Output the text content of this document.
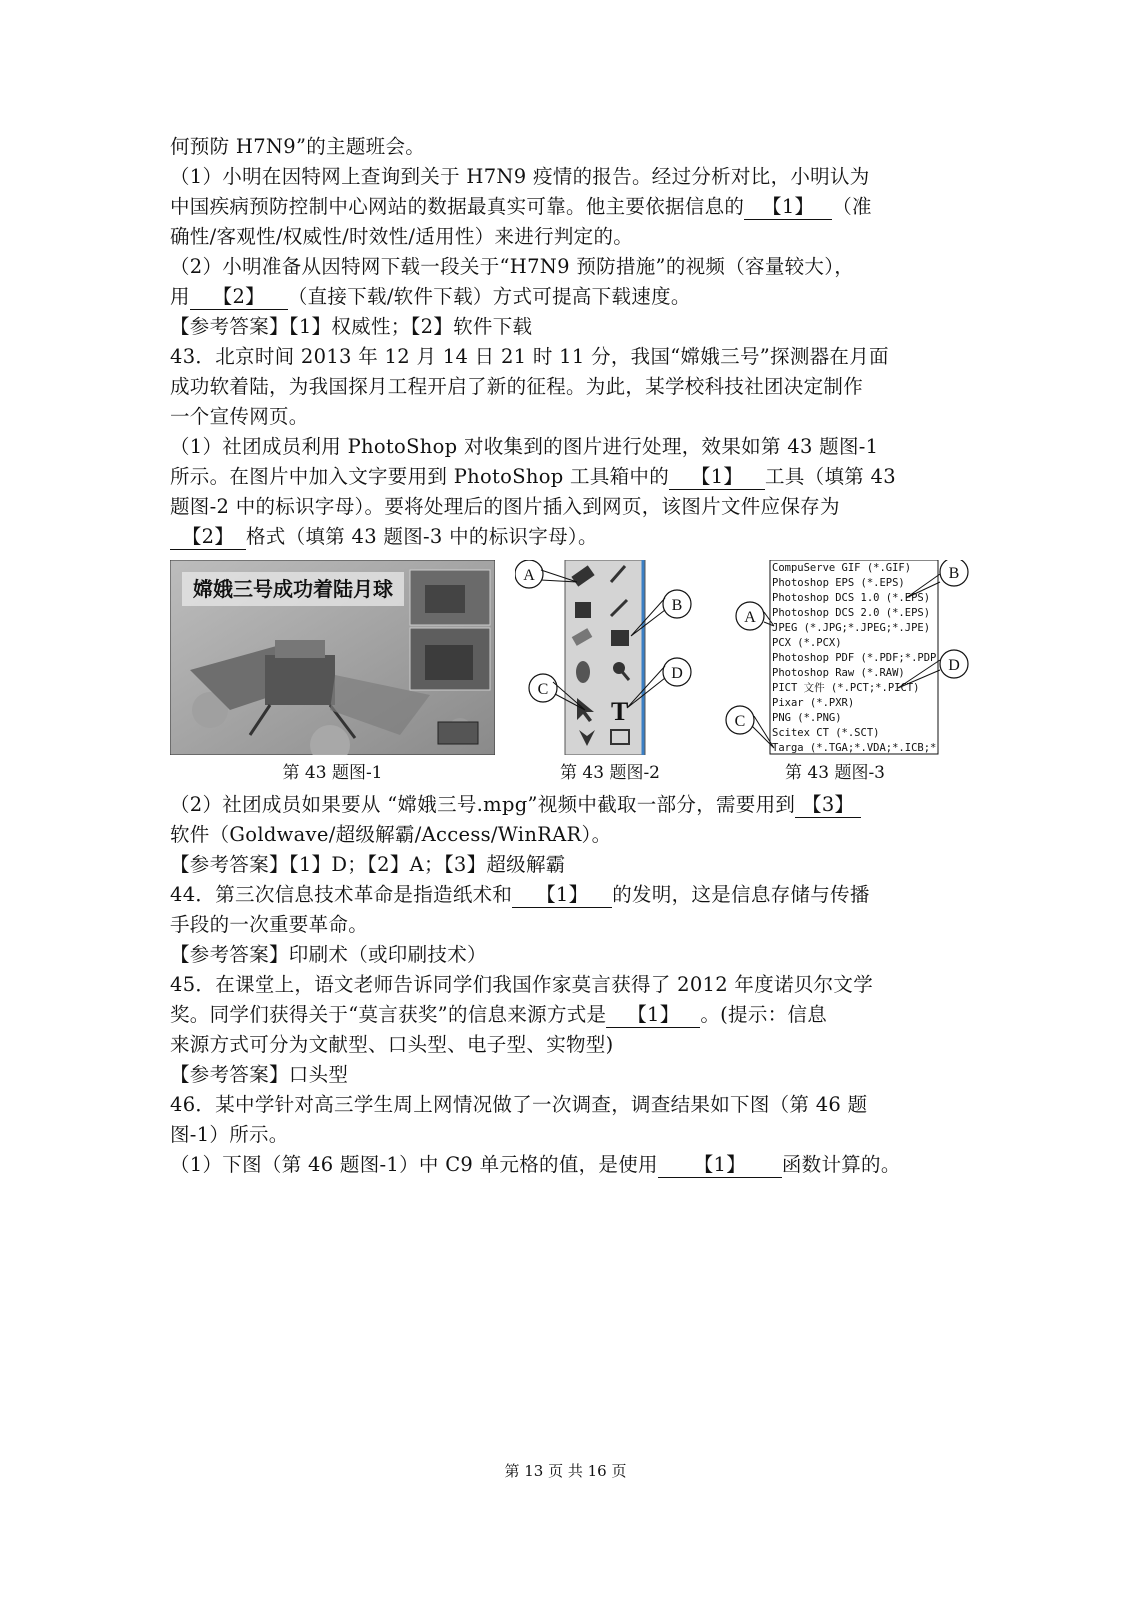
何预防 H7N9”的主题班会。
（1）小明在因特网上查询到关于 H7N9 疫情的报告。经过分析对比，小明认为
中国疾病预防控制中心网站的数据最真实可靠。他主要依据信息的 【1】 （准
确性/客观性/权威性/时效性/适用性）来进行判定的。
（2）小明准备从因特网下载一段关于“H7N9 预防措施”的视频（容量较大），
用 【2】 （直接下载/软件下载）方式可提高下载速度。
【参考答案】【1】权威性；【2】软件下载
43．北京时间 2013 年 12 月 14 日 21 时 11 分，我国“嫦娥三号”探测器在月面
成功软着陆，为我国探月工程开启了新的征程。为此，某学校科技社团决定制作
一个宣传网页。
（1）社团成员利用 PhotoShop 对收集到的图片进行处理，效果如第 43 题图-1
所示。在图片中加入文字要用到 PhotoShop 工具箱中的 【1】 工具（填第 43
题图-2 中的标识字母）。要将处理后的图片插入到网页，该图片文件应保存为
【2】 格式（填第 43 题图-3 中的标识字母）。
嫦娥三号成功着陆月球
第 43 题图-1
T
A
B
C
D
第 43 题图-2
CompuServe GIF (*.GIF)
Photoshop EPS (*.EPS)
Photoshop DCS 1.0 (*.EPS)
Photoshop DCS 2.0 (*.EPS)
JPEG (*.JPG;*.JPEG;*.JPE)
PCX (*.PCX)
Photoshop PDF (*.PDF;*.PDP
Photoshop Raw (*.RAW)
PICT 文件 (*.PCT;*.PICT)
Pixar (*.PXR)
PNG (*.PNG)
Scitex CT (*.SCT)
Targa (*.TGA;*.VDA;*.ICB;*
A
B
C
D
第 43 题图-3
（2）社团成员如果要从 “嫦娥三号.mpg”视频中截取一部分，需要用到 【3】
软件（Goldwave/超级解霸/Access/WinRAR）。
【参考答案】【1】D；【2】A；【3】超级解霸
44．第三次信息技术革命是指造纸术和 【1】 的发明，这是信息存储与传播
手段的一次重要革命。
【参考答案】印刷术（或印刷技术）
45．在课堂上，语文老师告诉同学们我国作家莫言获得了 2012 年度诺贝尔文学
奖。同学们获得关于“莫言获奖”的信息来源方式是 【1】 。(提示：信息
来源方式可分为文献型、口头型、电子型、实物型)
【参考答案】口头型
46．某中学针对高三学生周上网情况做了一次调查，调查结果如下图（第 46 题
图-1）所示。
（1）下图（第 46 题图-1）中 C9 单元格的值，是使用 【1】 函数计算的。
第 13 页 共 16 页
